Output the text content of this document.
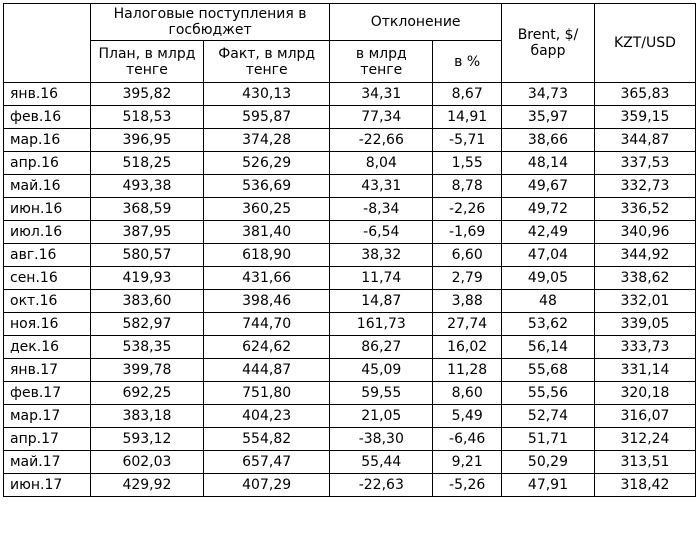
	Налоговые поступления в госбюджет		Отклонение		Brent, $/барр	KZT/USD
	План, в млрд тенге	Факт, в млрд тенге	в млрд тенге	в %		
янв.16	395,82	430,13	34,31	8,67	34,73	365,83
фев.16	518,53	595,87	77,34	14,91	35,97	359,15
мар.16	396,95	374,28	-22,66	-5,71	38,66	344,87
апр.16	518,25	526,29	8,04	1,55	48,14	337,53
май.16	493,38	536,69	43,31	8,78	49,67	332,73
июн.16	368,59	360,25	-8,34	-2,26	49,72	336,52
июл.16	387,95	381,40	-6,54	-1,69	42,49	340,96
авг.16	580,57	618,90	38,32	6,60	47,04	344,92
сен.16	419,93	431,66	11,74	2,79	49,05	338,62
окт.16	383,60	398,46	14,87	3,88	48	332,01
ноя.16	582,97	744,70	161,73	27,74	53,62	339,05
дек.16	538,35	624,62	86,27	16,02	56,14	333,73
янв.17	399,78	444,87	45,09	11,28	55,68	331,14
фев.17	692,25	751,80	59,55	8,60	55,56	320,18
мар.17	383,18	404,23	21,05	5,49	52,74	316,07
апр.17	593,12	554,82	-38,30	-6,46	51,71	312,24
май.17	602,03	657,47	55,44	9,21	50,29	313,51
июн.17	429,92	407,29	-22,63	-5,26	47,91	318,42
